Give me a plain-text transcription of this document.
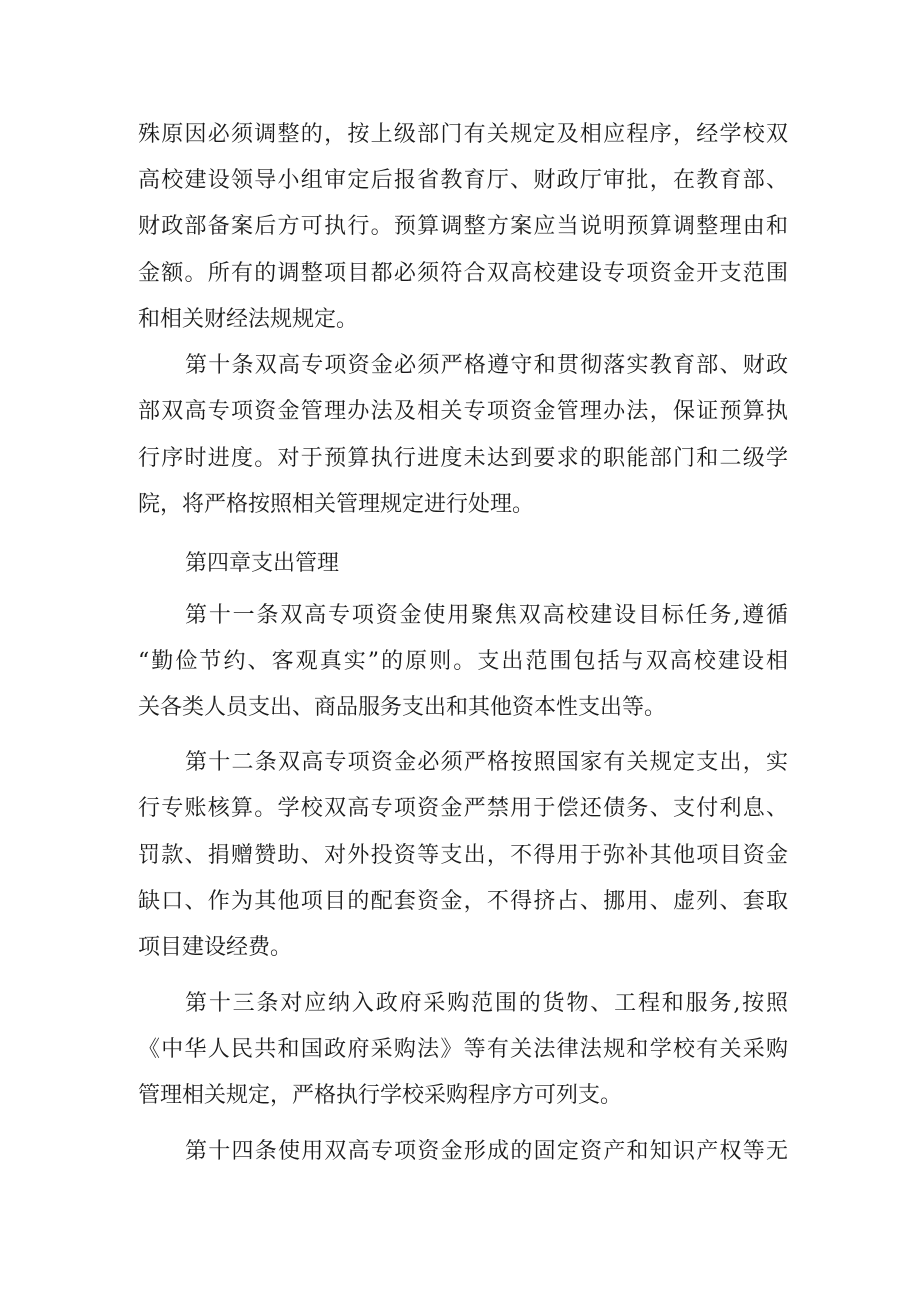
殊原因必须调整的，按上级部门有关规定及相应程序，经学校双

高校建设领导小组审定后报省教育厅、财政厅审批，在教育部、

财政部备案后方可执行。预算调整方案应当说明预算调整理由和

金额。所有的调整项目都必须符合双高校建设专项资金开支范围

和相关财经法规规定。

第十条双高专项资金必须严格遵守和贯彻落实教育部、财政

部双高专项资金管理办法及相关专项资金管理办法，保证预算执

行序时进度。对于预算执行进度未达到要求的职能部门和二级学

院，将严格按照相关管理规定进行处理。

第四章支出管理

第十一条双高专项资金使用聚焦双高校建设目标任务,遵循

“勤俭节约、客观真实”的原则。支出范围包括与双高校建设相

关各类人员支出、商品服务支出和其他资本性支出等。

第十二条双高专项资金必须严格按照国家有关规定支出，实

行专账核算。学校双高专项资金严禁用于偿还债务、支付利息、

罚款、捐赠赞助、对外投资等支出，不得用于弥补其他项目资金

缺口、作为其他项目的配套资金，不得挤占、挪用、虚列、套取

项目建设经费。

第十三条对应纳入政府采购范围的货物、工程和服务,按照

《中华人民共和国政府采购法》等有关法律法规和学校有关采购

管理相关规定，严格执行学校采购程序方可列支。

第十四条使用双高专项资金形成的固定资产和知识产权等无
